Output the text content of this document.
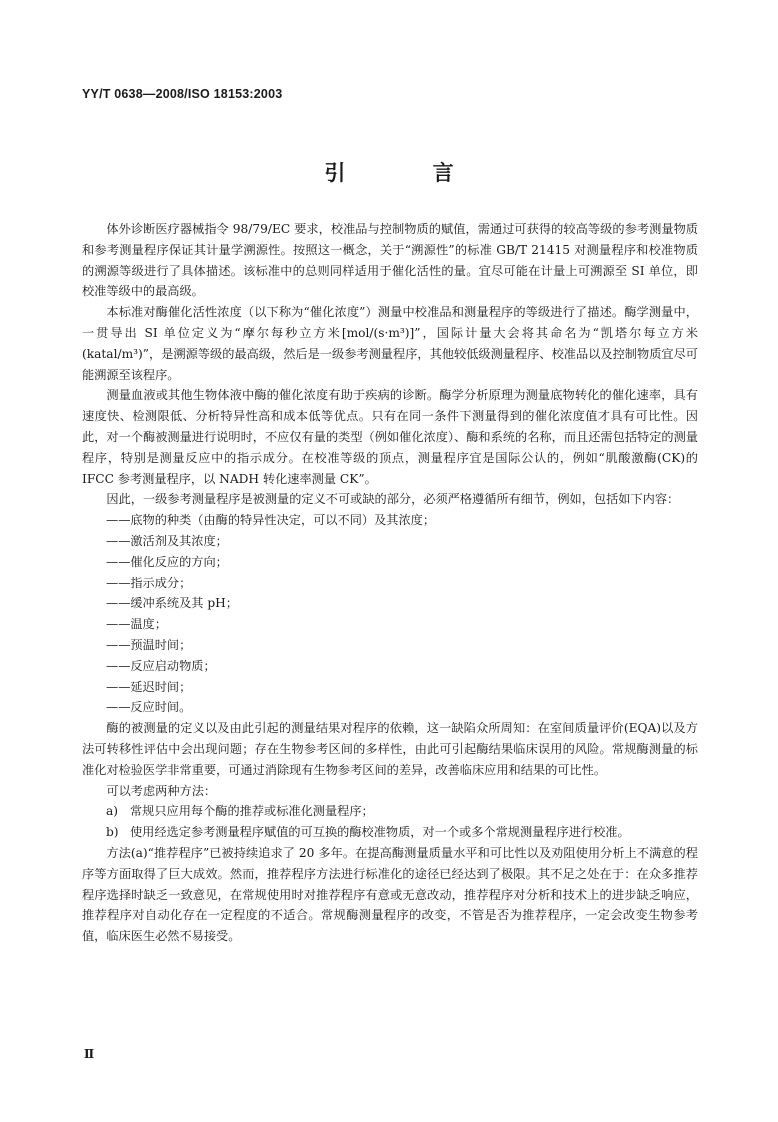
YY/T 0638—2008/ISO 18153:2003
引 言

体外诊断医疗器械指令 98/79/EC 要求，校准品与控制物质的赋值，需通过可获得的较高等级的参考测量物质和参考测量程序保证其计量学溯源性。按照这一概念，关于“溯源性”的标准 GB/T 21415 对测量程序和校准物质的溯源等级进行了具体描述。该标准中的总则同样适用于催化活性的量。宜尽可能在计量上可溯源至 SI 单位，即校准等级中的最高级。

本标准对酶催化活性浓度（以下称为“催化浓度”）测量中校准品和测量程序的等级进行了描述。酶学测量中，一贯导出 SI 单位定义为“摩尔每秒立方米[mol/(s·m³)]”，国际计量大会将其命名为“凯塔尔每立方米(katal/m³)”，是溯源等级的最高级，然后是一级参考测量程序，其他较低级测量程序、校准品以及控制物质宜尽可能溯源至该程序。

测量血液或其他生物体液中酶的催化浓度有助于疾病的诊断。酶学分析原理为测量底物转化的催化速率，具有速度快、检测限低、分析特异性高和成本低等优点。只有在同一条件下测量得到的催化浓度值才具有可比性。因此，对一个酶被测量进行说明时，不应仅有量的类型（例如催化浓度）、酶和系统的名称，而且还需包括特定的测量程序，特别是测量反应中的指示成分。在校准等级的顶点，测量程序宜是国际公认的，例如“肌酸激酶(CK)的 IFCC 参考测量程序，以 NADH 转化速率测量 CK”。

因此，一级参考测量程序是被测量的定义不可或缺的部分，必须严格遵循所有细节，例如，包括如下内容：

——底物的种类（由酶的特异性决定，可以不同）及其浓度；
——激活剂及其浓度；
——催化反应的方向；
——指示成分；
——缓冲系统及其 pH；
——温度；
——预温时间；
——反应启动物质；
——延迟时间；
——反应时间。

酶的被测量的定义以及由此引起的测量结果对程序的依赖，这一缺陷众所周知：在室间质量评价(EQA)以及方法可转移性评估中会出现问题；存在生物参考区间的多样性，由此可引起酶结果临床误用的风险。常规酶测量的标准化对检验医学非常重要，可通过消除现有生物参考区间的差异，改善临床应用和结果的可比性。

可以考虑两种方法：

a) 常规只应用每个酶的推荐或标准化测量程序；
b) 使用经选定参考测量程序赋值的可互换的酶校准物质，对一个或多个常规测量程序进行校准。

方法(a)“推荐程序”已被持续追求了 20 多年。在提高酶测量质量水平和可比性以及劝阻使用分析上不满意的程序等方面取得了巨大成效。然而，推荐程序方法进行标准化的途径已经达到了极限。其不足之处在于：在众多推荐程序选择时缺乏一致意见，在常规使用时对推荐程序有意或无意改动，推荐程序对分析和技术上的进步缺乏响应，推荐程序对自动化存在一定程度的不适合。常规酶测量程序的改变，不管是否为推荐程序，一定会改变生物参考值，临床医生必然不易接受。

Ⅱ
